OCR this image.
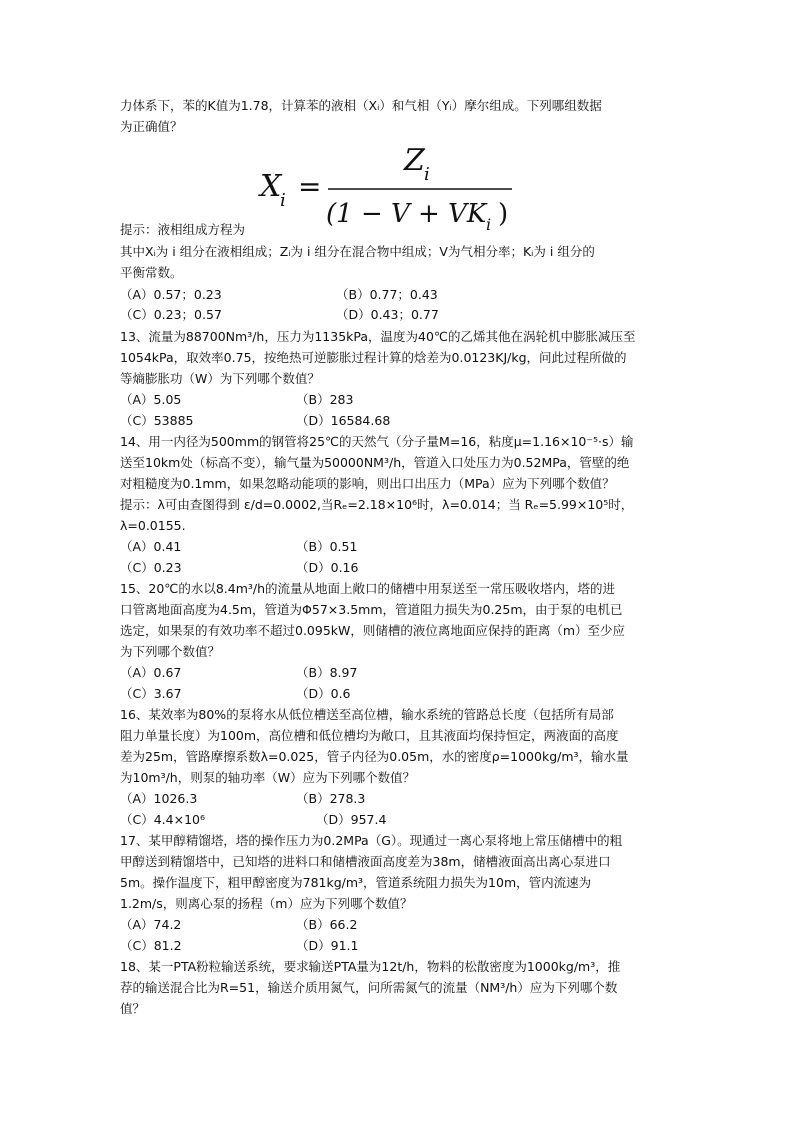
力体系下，苯的K值为1.78，计算苯的液相（Xᵢ）和气相（Yᵢ）摩尔组成。下列哪组数据
为正确值？
X
i =
Z i
(1 − V + VK i )
提示：液相组成方程为
其中Xᵢ为 i 组分在液相组成；Zᵢ为 i 组分在混合物中组成；V为气相分率；Kᵢ为 i 组分的
平衡常数。
（A）0.57；0.23	（B）0.77；0.43
（C）0.23；0.57	（D）0.43；0.77
13、流量为88700Nm³/h，压力为1135kPa，温度为40℃的乙烯其他在涡轮机中膨胀减压至
1054kPa，取效率0.75，按绝热可逆膨胀过程计算的焓差为0.0123KJ/kg，问此过程所做的
等熵膨胀功（W）为下列哪个数值？
（A）5.05	（B）283
（C）53885	（D）16584.68
14、用一内径为500mm的钢管将25℃的天然气（分子量M=16，粘度μ=1.16×10⁻⁵·s）输
送至10km处（标高不变），输气量为50000NM³/h，管道入口处压力为0.52MPa，管壁的绝
对粗糙度为0.1mm，如果忽略动能项的影响，则出口出压力（MPa）应为下列哪个数值？
提示：λ可由查图得到 ε/d=0.0002,当Rₑ=2.18×10⁶时，λ=0.014；当 Rₑ=5.99×10⁵时，
λ=0.0155.
（A）0.41	（B）0.51
（C）0.23	（D）0.16
15、20℃的水以8.4m³/h的流量从地面上敞口的储槽中用泵送至一常压吸收塔内，塔的进
口管离地面高度为4.5m，管道为Φ57×3.5mm，管道阻力损失为0.25m，由于泵的电机已
选定，如果泵的有效功率不超过0.095kW，则储槽的液位离地面应保持的距离（m）至少应
为下列哪个数值？
（A）0.67	（B）8.97
（C）3.67	（D）0.6
16、某效率为80%的泵将水从低位槽送至高位槽，输水系统的管路总长度（包括所有局部
阻力单量长度）为100m，高位槽和低位槽均为敞口，且其液面均保持恒定，两液面的高度
差为25m，管路摩擦系数λ=0.025，管子内径为0.05m，水的密度ρ=1000kg/m³，输水量
为10m³/h，则泵的轴功率（W）应为下列哪个数值？
（A）1026.3	（B）278.3
（C）4.4×10⁶	（D）957.4
17、某甲醇精馏塔，塔的操作压力为0.2MPa（G）。现通过一离心泵将地上常压储槽中的粗
甲醇送到精馏塔中，已知塔的进料口和储槽液面高度差为38m，储槽液面高出离心泵进口
5m。操作温度下，粗甲醇密度为781kg/m³，管道系统阻力损失为10m，管内流速为
1.2m/s，则离心泵的扬程（m）应为下列哪个数值？
（A）74.2	（B）66.2
（C）81.2	（D）91.1
18、某一PTA粉粒输送系统，要求输送PTA量为12t/h，物料的松散密度为1000kg/m³，推
荐的输送混合比为R=51，输送介质用氮气，问所需氮气的流量（NM³/h）应为下列哪个数
值？
